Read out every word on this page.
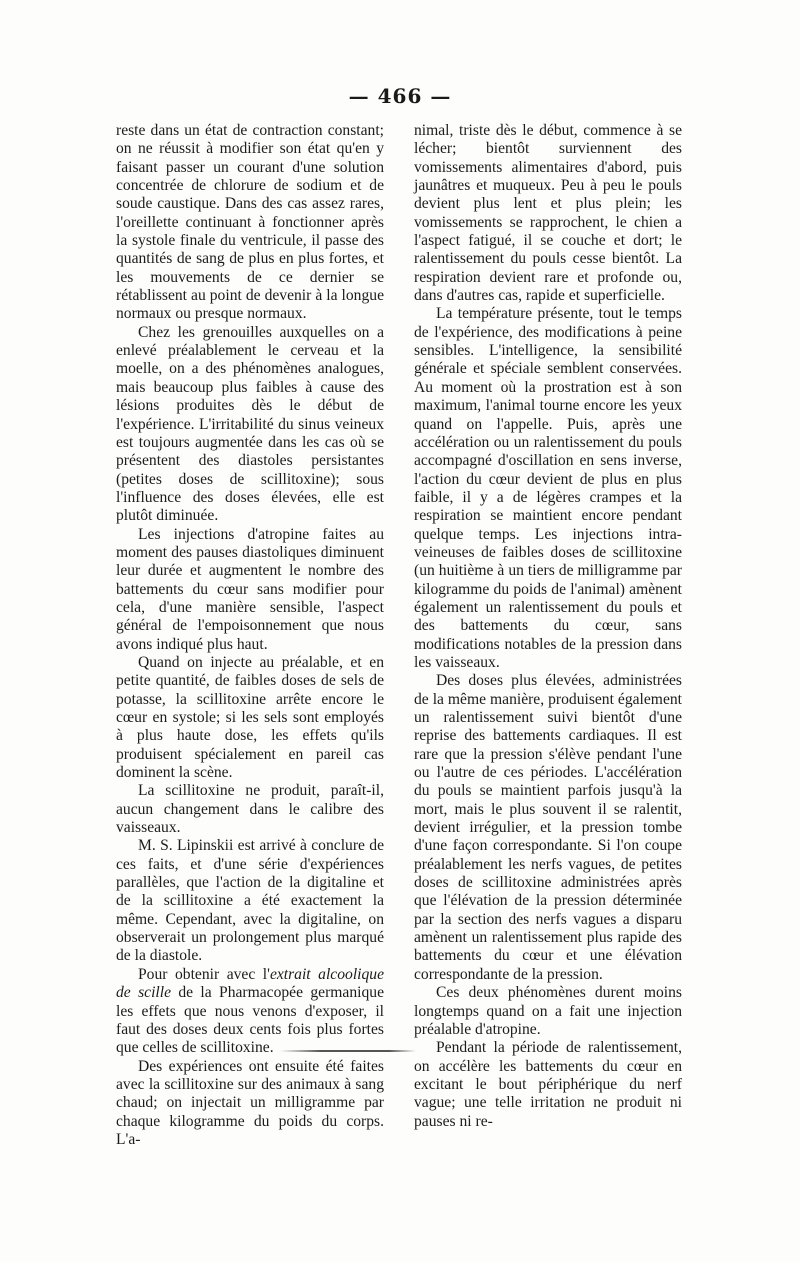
— 466 —

reste dans un état de contraction constant; on ne réussit à modifier son état qu'en y faisant passer un courant d'une solution concentrée de chlorure de sodium et de soude caustique. Dans des cas assez rares, l'oreillette continuant à fonctionner après la systole finale du ventricule, il passe des quantités de sang de plus en plus fortes, et les mouvements de ce dernier se rétablissent au point de devenir à la longue normaux ou presque normaux.

Chez les grenouilles auxquelles on a enlevé préalablement le cerveau et la moelle, on a des phénomènes analogues, mais beaucoup plus faibles à cause des lésions produites dès le début de l'expérience. L'irritabilité du sinus veineux est toujours augmentée dans les cas où se présentent des diastoles persistantes (petites doses de scillitoxine); sous l'influence des doses élevées, elle est plutôt diminuée.

Les injections d'atropine faites au moment des pauses diastoliques diminuent leur durée et augmentent le nombre des battements du cœur sans modifier pour cela, d'une manière sensible, l'aspect général de l'empoisonnement que nous avons indiqué plus haut.

Quand on injecte au préalable, et en petite quantité, de faibles doses de sels de potasse, la scillitoxine arrête encore le cœur en systole; si les sels sont employés à plus haute dose, les effets qu'ils produisent spécialement en pareil cas dominent la scène.

La scillitoxine ne produit, paraît-il, aucun changement dans le calibre des vaisseaux.

M. S. Lipinskii est arrivé à conclure de ces faits, et d'une série d'expériences parallèles, que l'action de la digitaline et de la scillitoxine a été exactement la même. Cependant, avec la digitaline, on observerait un prolongement plus marqué de la diastole.

Pour obtenir avec l'extrait alcoolique de scille de la Pharmacopée germanique les effets que nous venons d'exposer, il faut des doses deux cents fois plus fortes que celles de scillitoxine.

Des expériences ont ensuite été faites avec la scillitoxine sur des animaux à sang chaud; on injectait un milligramme par chaque kilogramme du poids du corps. L'a-

nimal, triste dès le début, commence à se lécher; bientôt surviennent des vomissements alimentaires d'abord, puis jaunâtres et muqueux. Peu à peu le pouls devient plus lent et plus plein; les vomissements se rapprochent, le chien a l'aspect fatigué, il se couche et dort; le ralentissement du pouls cesse bientôt. La respiration devient rare et profonde ou, dans d'autres cas, rapide et superficielle.

La température présente, tout le temps de l'expérience, des modifications à peine sensibles. L'intelligence, la sensibilité générale et spéciale semblent conservées. Au moment où la prostration est à son maximum, l'animal tourne encore les yeux quand on l'appelle. Puis, après une accélération ou un ralentissement du pouls accompagné d'oscillation en sens inverse, l'action du cœur devient de plus en plus faible, il y a de légères crampes et la respiration se maintient encore pendant quelque temps. Les injections intra-veineuses de faibles doses de scillitoxine (un huitième à un tiers de milligramme par kilogramme du poids de l'animal) amènent également un ralentissement du pouls et des battements du cœur, sans modifications notables de la pression dans les vaisseaux.

Des doses plus élevées, administrées de la même manière, produisent également un ralentissement suivi bientôt d'une reprise des battements cardiaques. Il est rare que la pression s'élève pendant l'une ou l'autre de ces périodes. L'accélération du pouls se maintient parfois jusqu'à la mort, mais le plus souvent il se ralentit, devient irrégulier, et la pression tombe d'une façon correspondante. Si l'on coupe préalablement les nerfs vagues, de petites doses de scillitoxine administrées après que l'élévation de la pression déterminée par la section des nerfs vagues a disparu amènent un ralentissement plus rapide des battements du cœur et une élévation correspondante de la pression.

Ces deux phénomènes durent moins longtemps quand on a fait une injection préalable d'atropine.

Pendant la période de ralentissement, on accélère les battements du cœur en excitant le bout périphérique du nerf vague; une telle irritation ne produit ni pauses ni re-
